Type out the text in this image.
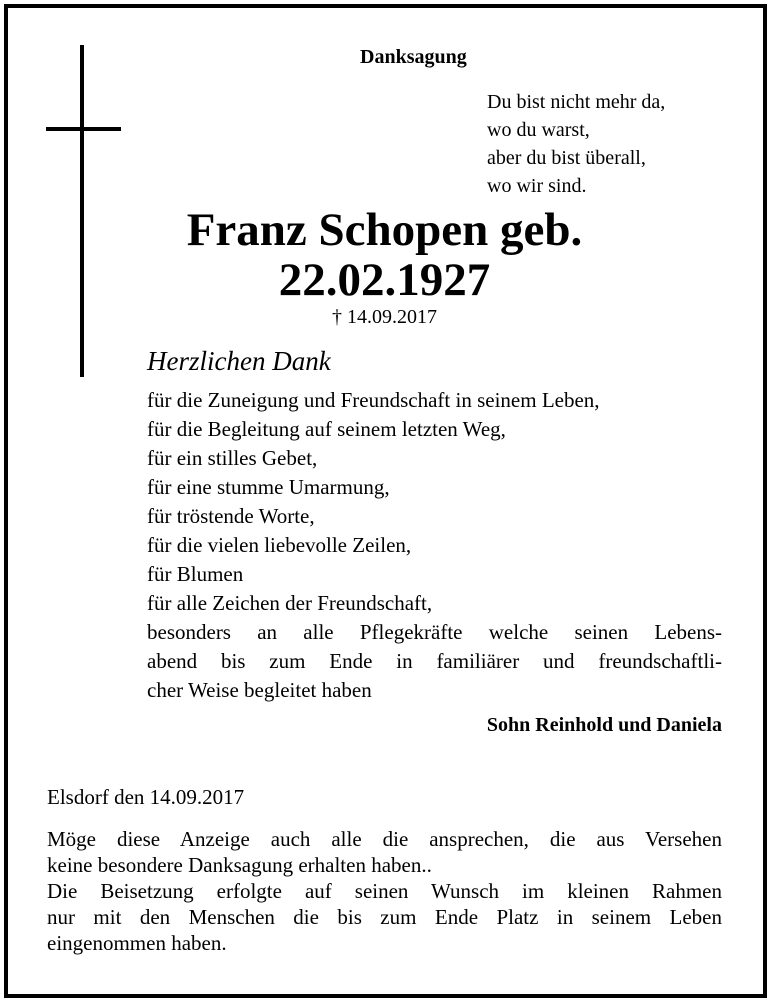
Danksagung
Du bist nicht mehr da,
wo du warst,
aber du bist überall,
wo wir sind.
Franz Schopen geb.
22.02.1927
† 14.09.2017
Herzlichen Dank
für die Zuneigung und Freundschaft in seinem Leben,
für die Begleitung auf seinem letzten Weg,
für ein stilles Gebet,
für eine stumme Umarmung,
für tröstende Worte,
für die vielen liebevolle Zeilen,
für Blumen
für alle Zeichen der Freundschaft,
besonders an alle Pflegekräfte welche seinen Lebens-
abend bis zum Ende in familiärer und freundschaftli-
cher Weise begleitet haben
Sohn Reinhold und Daniela
Elsdorf den 14.09.2017
Möge diese Anzeige auch alle die ansprechen, die aus Versehen
keine besondere Danksagung erhalten haben..
Die Beisetzung erfolgte auf seinen Wunsch im kleinen Rahmen
nur mit den Menschen die bis zum Ende Platz in seinem Leben
eingenommen haben.
